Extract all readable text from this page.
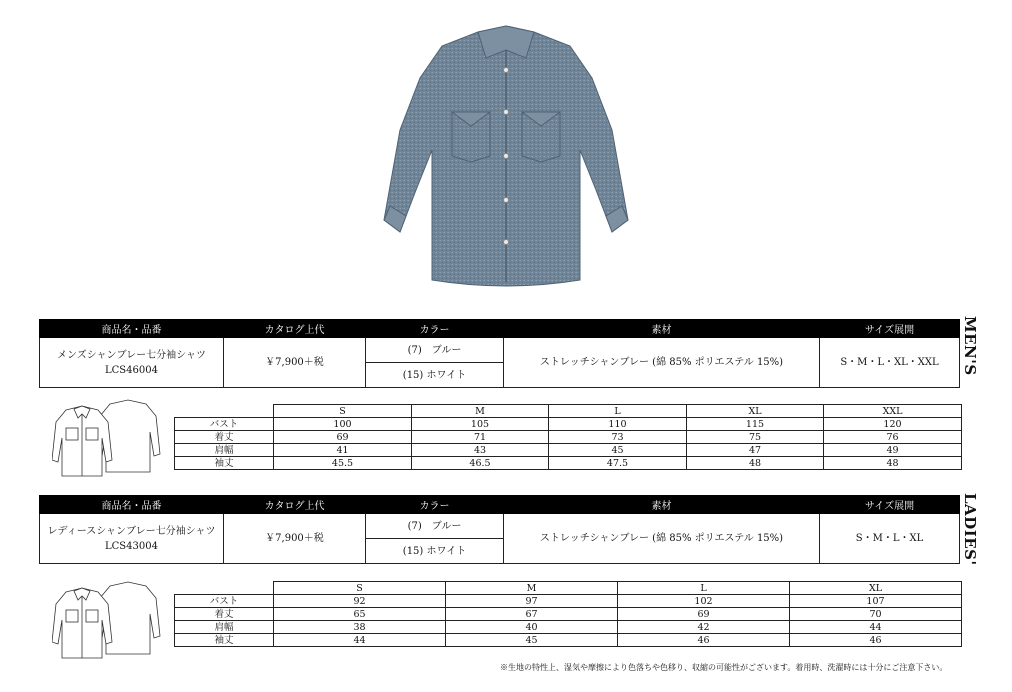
商品名・品番	カタログ上代	カラー	素材	サイズ展開

メンズシャンブレー七分袖シャツ
LCS46004	￥7,900＋税	(7)　ブルー	ストレッチシャンブレー (綿 85% ポリエステル 15%)	S・M・L・XL・XXL
		(15) ホワイト			MEN'S
	S	M	L	XL	XXL
バスト	100	105	110	115	120
着丈	69	71	73	75	76
肩幅	41	43	45	47	49
袖丈	45.5	46.5	47.5	48	48
商品名・品番	カタログ上代	カラー	素材	サイズ展開

レディースシャンブレー七分袖シャツ
LCS43004	￥7,900＋税	(7)　ブルー	ストレッチシャンブレー (綿 85% ポリエステル 15%)	S・M・L・XL
		(15) ホワイト			LADIES'
	S	M	L	XL
バスト	92	97	102	107
着丈	65	67	69	70
肩幅	38	40	42	44
袖丈	44	45	46	46
※生地の特性上、湿気や摩擦により色落ちや色移り、収縮の可能性がございます。着用時、洗濯時には十分にご注意下さい。
